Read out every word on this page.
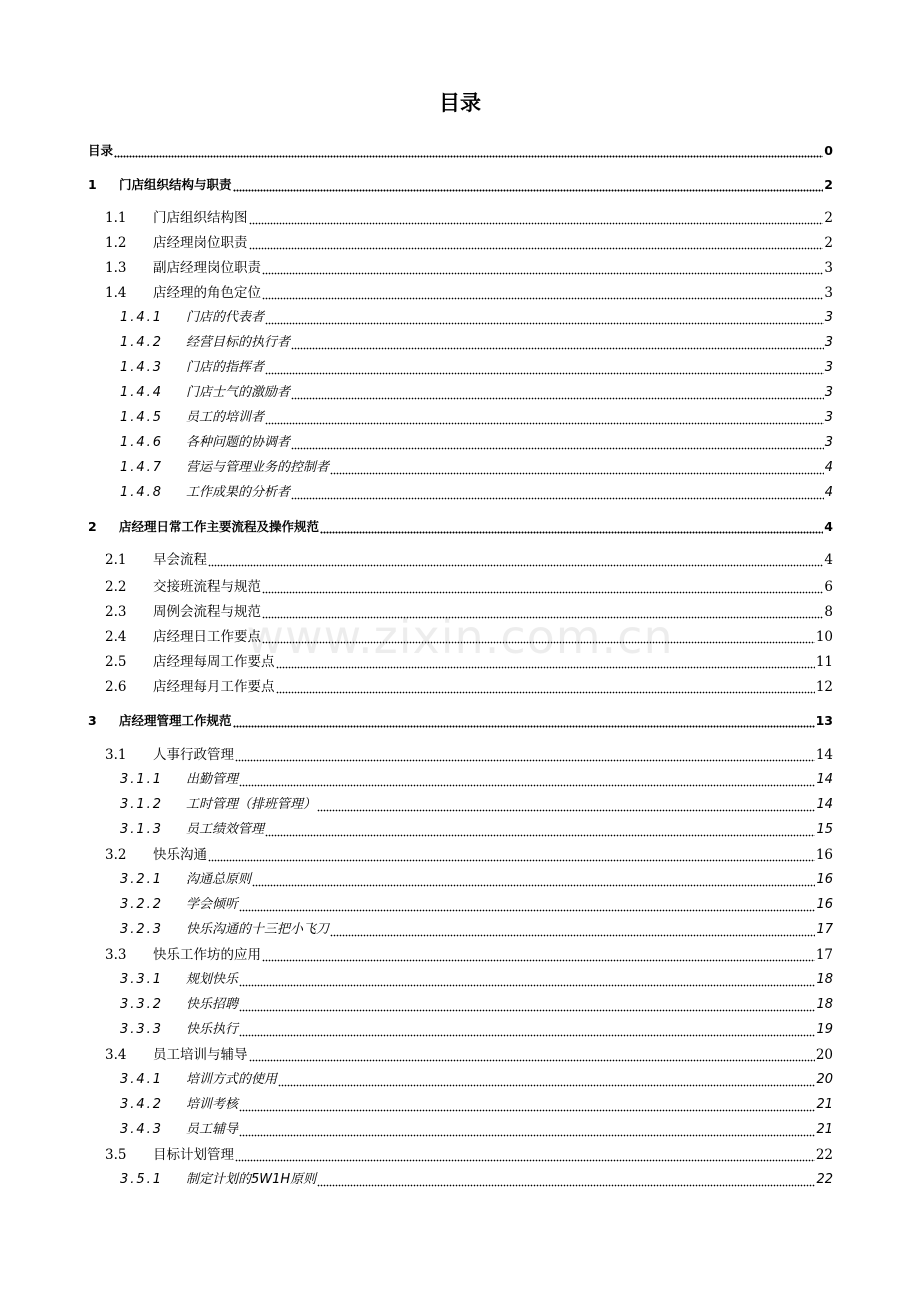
目录
目录	0
1	门店组织结构与职责	2
1.1	门店组织结构图	2
1.2	店经理岗位职责	2
1.3	副店经理岗位职责	3
1.4	店经理的角色定位	3
1.4.1	门店的代表者	3
1.4.2	经营目标的执行者	3
1.4.3	门店的指挥者	3
1.4.4	门店士气的激励者	3
1.4.5	员工的培训者	3
1.4.6	各种问题的协调者	3
1.4.7	营运与管理业务的控制者	4
1.4.8	工作成果的分析者	4
2	店经理日常工作主要流程及操作规范	4
2.1	早会流程	4
2.2	交接班流程与规范	6
2.3	周例会流程与规范	8
2.4	店经理日工作要点	10
2.5	店经理每周工作要点	11
2.6	店经理每月工作要点	12
3	店经理管理工作规范	13
3.1	人事行政管理	14
3.1.1	出勤管理	14
3.1.2	工时管理（排班管理）	14
3.1.3	员工绩效管理	15
3.2	快乐沟通	16
3.2.1	沟通总原则	16
3.2.2	学会倾听	16
3.2.3	快乐沟通的十三把小飞刀	17
3.3	快乐工作坊的应用	17
3.3.1	规划快乐	18
3.3.2	快乐招聘	18
3.3.3	快乐执行	19
3.4	员工培训与辅导	20
3.4.1	培训方式的使用	20
3.4.2	培训考核	21
3.4.3	员工辅导	21
3.5	目标计划管理	22
3.5.1	制定计划的5W1H原则	22
